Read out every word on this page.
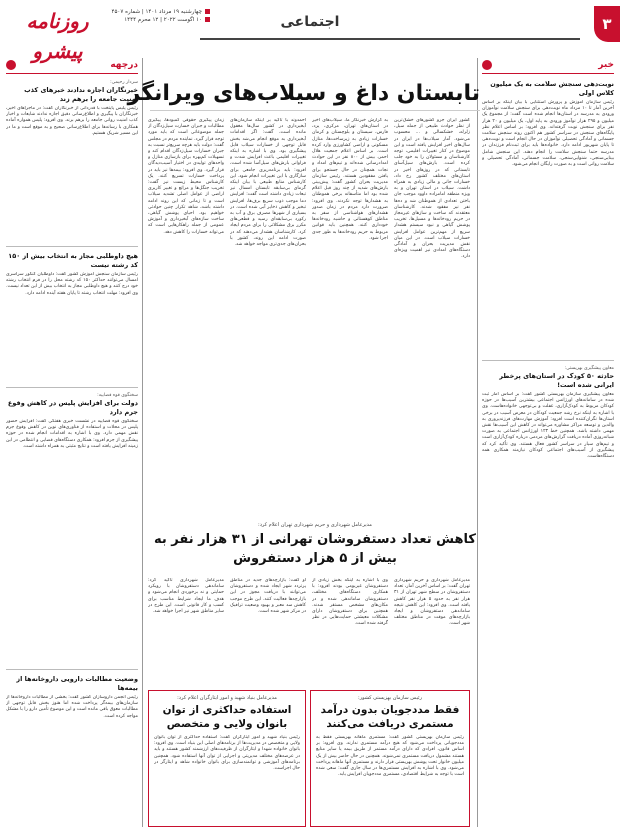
۳
اجتماعی
چهارشنبه ۱۹ مرداد ۱۴۰۱ | شماره ۴۵۰۷
۱۰ اگوست ۲۰۲۲ | ۱۲ محرم ۱۴۴۴
روزنامه پیشرو
خبر
نوبت‌دهی سنجش سلامت به یک میلیون کلاس اولی
رئیس سازمان آموزش و پرورش استثنایی با بیان اینکه بر اساس آخرین آمار تا ۱۰ مرداد ماه نوبت‌دهی برای سنجش سلامت نوآموزان ورودی به مدرسه در استان‌ها انجام شده است گفت: از مجموع یک میلیون و ۲۹۵ هزار نوآموز ورودی به پایه اول، یک میلیون و ۲۰ هزار نفر برای سنجش نوبت گرفته‌اند. وی افزود: بر اساس اعلام نظر پایگاه‌های سنجش در سراسر کشور هم اکنون روند سنجش سلامت جسمانی و آمادگی تحصیلی نوآموزان در حال انجام است و نوبت‌دهی تا پایان شهریور ادامه دارد. خانواده‌ها باید برای ثبت‌نام فرزندان در مدرسه حتما سنجش سلامت را انجام دهند. این سنجش شامل بینایی‌سنجی، شنوایی‌سنجی، سلامت جسمانی، آمادگی تحصیلی و سلامت روانی است و به صورت رایگان انجام می‌شود.
معاون پیشگیری بهزیستی:
حادثه ۵۰ کودک در استان‌های پرخطر ایرانی شده است!
معاون پیشگیری سازمان بهزیستی کشور گفت: بر اساس آمار ثبت شده در سامانه‌های اورژانس اجتماعی بیشترین آسیب‌ها در حوزه کودکان مربوط به کودک‌آزاری، غفلت و بی‌توجهی خانواده‌هاست. وی با اشاره به اینکه نرخ رشد جمعیت کودکان در معرض آسیب در برخی استان‌ها نگران‌کننده است افزود: آموزش مهارت‌های فرزندپروری به والدین و توسعه مراکز مشاوره می‌تواند در کاهش این آسیب‌ها نقش مهمی داشته باشد. همچنین خط ۱۲۳ اورژانس اجتماعی به صورت شبانه‌روزی آماده دریافت گزارش‌های مردمی درباره کودک‌آزاری است و تیم‌های سیار در سراسر کشور فعال هستند. وی تأکید کرد که پیشگیری از آسیب‌های اجتماعی کودکان نیازمند همکاری همه دستگاه‌هاست.
درچهه
سردار رحیمی:
خبرنگاران اجازه ندادند خبرهای کذب امنیت جامعه را برهم زند
رئیس پلیس پایتخت با قدردانی از خبرنگاران گفت: در ماجراهای اخیر، خبرنگاران با پیگیری و اطلاع‌رسانی دقیق اجازه ندادند شایعات و اخبار کذب امنیت روانی جامعه را برهم بزند. وی افزود: پلیس همواره آماده همکاری با رسانه‌ها برای اطلاع‌رسانی صحیح و به موقع است و ما در این مسیر شریک هستیم.
هیچ داوطلبی مجاز به انتخاب بیش از ۱۵۰ کد رشته نیست
رئیس سازمان سنجش آموزش کشور گفت: داوطلبان کنکور سراسری امسال می‌توانند حداکثر ۱۵۰ کد رشته محل را در فرم انتخاب رشته خود درج کنند و هیچ داوطلبی مجاز به انتخاب بیش از این تعداد نیست. وی افزود: مهلت انتخاب رشته تا پایان هفته آینده ادامه دارد.
سخنگوی قوه قضاییه:
دولت برای افزایش پلیس در کاهش وقوع جرم دارد
سخنگوی قوه قضاییه در نشست خبری هفتگی گفت: افزایش حضور پلیس در محلات و استفاده از فناوری‌های نوین در کاهش وقوع جرم نقش مهمی دارد. وی با اشاره به اقدامات انجام شده در حوزه پیشگیری از جرم افزود: همکاری دستگاه‌های قضایی و انتظامی در این زمینه افزایش یافته است و نتایج مثبتی به همراه داشته است.
وضعیت مطالبات دارویی داروخانه‌ها از بیمه‌ها
رئیس انجمن داروسازان کشور گفت: بخشی از مطالبات داروخانه‌ها از سازمان‌های بیمه‌گر پرداخت شده اما هنوز بخش قابل توجهی از مطالبات معوق باقی مانده است و این موضوع تأمین دارو را با مشکل مواجه کرده است.
تابستان داغ و سیلاب‌های ویرانگر
کشور ایران جزو کشورهای خشک‌ترین از نظر حوادث طبیعی از جمله سیل، زلزله، خشکسالی و ... محسوب می‌شود. آمار سیلاب‌ها در ایران در سال‌های اخیر افزایش یافته است و این موضوع در کنار تغییرات اقلیمی، توجه کارشناسان و مسئولان را به خود جلب کرده است. بارش‌های سیل‌آسای تابستانی که در روزهای اخیر در استان‌های مختلف کشور رخ داد، خسارات جانی و مالی زیادی به همراه داشت. سیلاب در استان تهران و به ویژه منطقه امامزاده داوود موجب جان باختن تعدادی از هموطنان شد و ده‌ها نفر نیز مفقود شدند. کارشناسان معتقدند که ساخت و سازهای غیرمجاز در حریم رودخانه‌ها و مسیل‌ها، تخریب پوشش گیاهی و نبود سیستم هشدار سریع از مهم‌ترین عوامل افزایش خسارات سیلاب است. در این میان نقش مدیریت بحران و آمادگی دستگاه‌های امدادی نیز اهمیت ویژه‌ای دارد.
به گزارش خبرنگار ما، سیلاب‌های اخیر در استان‌های تهران، مرکزی، یزد، فارس، سیستان و بلوچستان و کرمان خسارات زیادی به زیرساخت‌ها، منازل مسکونی و اراضی کشاورزی وارد کرده است. بر اساس اعلام جمعیت هلال احمر، بیش از ۸۰۰ نفر در این حوادث امدادرسانی شده‌اند و تیم‌های امداد و نجات همچنان در حال جستجو برای یافتن مفقودین هستند. رئیس سازمان مدیریت بحران کشور گفت: پیش‌بینی بارش‌های شدید از چند روز قبل اعلام شده بود اما متأسفانه برخی هموطنان به هشدارها توجه نکردند. وی افزود: ضرورت دارد مردم در زمان صدور هشدارهای هواشناسی از سفر به مناطق کوهستانی و حاشیه رودخانه‌ها خودداری کنند. همچنین باید قوانین مربوط به حریم رودخانه‌ها به طور جدی اجرا شود.
احمدوند با تاکید بر اینکه سازمان‌های آبخیزداری در کشور سال‌ها مغفول مانده است، گفت: اگر اقدامات آبخیزداری به موقع انجام می‌شد بخش قابل توجهی از خسارات سیلاب قابل پیشگیری بود. وی با اشاره به اینکه تغییرات اقلیمی باعث افزایش شدت و فراوانی بارش‌های سیل‌آسا شده است، افزود: باید برنامه‌ریزی جامعی برای سازگاری با این تغییرات انجام شود. این کارشناس منابع طبیعی با بیان اینکه گرمای بی‌سابقه تابستان امسال نیز تبعات زیادی داشته است گفت: افزایش دما موجب ذوب سریع برف‌ها، افزایش تبخیر و کاهش ذخایر آبی شده است. در بسیاری از شهرها مصرف برق و آب به رکورد بی‌سابقه‌ای رسید و قطعی‌های مکرر برق مشکلاتی را برای مردم ایجاد کرد. کارشناسان هشدار می‌دهند که در صورت ادامه این روند، کشور با بحران‌های جدی‌تری مواجه خواهد شد.
زمان پیگیری حقوقی کمبودها، پیگیری مطالبات و جبران خسارت سیل‌زدگان از جمله موضوعاتی است که باید مورد توجه قرار گیرد. نماینده مردم در مجلس گفت: دولت باید هرچه سریع‌تر نسبت به جبران خسارات سیل‌زدگان اقدام کند و تسهیلات کم‌بهره برای بازسازی منازل و واحدهای تولیدی در اختیار آسیب‌دیدگان قرار گیرد. وی افزود: بیمه‌ها نیز باید در پرداخت خسارات تسریع کنند. یک کارشناس محیط زیست نیز گفت: تخریب جنگل‌ها و مراتع و تغییر کاربری اراضی از عوامل اصلی تشدید سیلاب است و تا زمانی که این روند ادامه داشته باشد، شاهد تکرار چنین حوادثی خواهیم بود. احیای پوشش گیاهی، ساخت سازه‌های آبخیزداری و آموزش عمومی از جمله راهکارهایی است که می‌تواند خسارات را کاهش دهد.
مدیرعامل شهرداری و حریم شهرداری تهران اعلام کرد:
کاهش تعداد دستفروشان تهرانی از ۳۱ هزار نفر به بیش از ۵ هزار دستفروش
مدیرعامل شهرداری و حریم شهرداری تهران گفت: بر اساس آخرین آمار، تعداد دستفروشان در سطح شهر تهران از ۳۱ هزار نفر به حدود ۵ هزار نفر کاهش یافته است. وی افزود: این کاهش نتیجه ساماندهی دستفروشان و ایجاد بازارچه‌های موقت در مناطق مختلف شهر است.
وی با اشاره به اینکه بخش زیادی از دستفروشان غیربومی بودند افزود: با همکاری دستگاه‌های مختلف، دستفروشان ساماندهی شده و در مکان‌های مشخص مستقر شدند. همچنین برای دستفروشان دارای مشکلات معیشتی حمایت‌هایی در نظر گرفته شده است.
او گفت: بازارچه‌های جدید در مناطق پرتردد شهر ایجاد شده و دستفروشان می‌توانند با دریافت مجوز در این بازارچه‌ها فعالیت کنند. این طرح موجب کاهش سد معبر و بهبود وضعیت ترافیک در مرکز شهر شده است.
مدیرعامل شهرداری تاکید کرد: ساماندهی دستفروشان با رویکرد حمایتی و نه برخوردی انجام می‌شود و هدف ما ایجاد شرایط مناسب برای کسب و کار قانونی است. این طرح در سایر مناطق شهر نیز اجرا خواهد شد.
رئیس سازمان بهزیستی کشور:
فقط مددجویان بدون درآمد مستمری دریافت می‌کنند
رئیس سازمان بهزیستی کشور گفت: مستمری ماهانه بهزیستی فقط به مددجویانی پرداخت می‌شود که هیچ درآمد مستمری ندارند. وی افزود: بر اساس قانون، افرادی که دارای درآمد مستمر از طریق بیمه یا سایر منابع هستند مشمول دریافت مستمری نمی‌شوند. همچنین در حال حاضر بیش از یک میلیون خانوار تحت پوشش بهزیستی قرار دارند و مستمری آنها ماهانه پرداخت می‌شود. وی با اشاره به افزایش مستمری‌ها در سال جاری گفت: سعی شده است با توجه به شرایط اقتصادی، مستمری مددجویان افزایش یابد.
مدیرعامل بنیاد شهید و امور ایثارگران اعلام کرد:
استفاده حداکثری از توان بانوان ولایی و متخصص
رئیس بنیاد شهید و امور ایثارگران گفت: استفاده حداکثری از توان بانوان ولایی و متخصص در مدیریت‌ها از برنامه‌های اصلی این بنیاد است. وی افزود: بانوان خانواده شهدا و ایثارگران از ظرفیت‌های ارزشمند کشور هستند و باید در عرصه‌های مختلف مدیریتی و اجرایی از توان آنها استفاده شود. همچنین برنامه‌های آموزشی و توانمندسازی برای بانوان خانواده شاهد و ایثارگر در حال اجراست.
